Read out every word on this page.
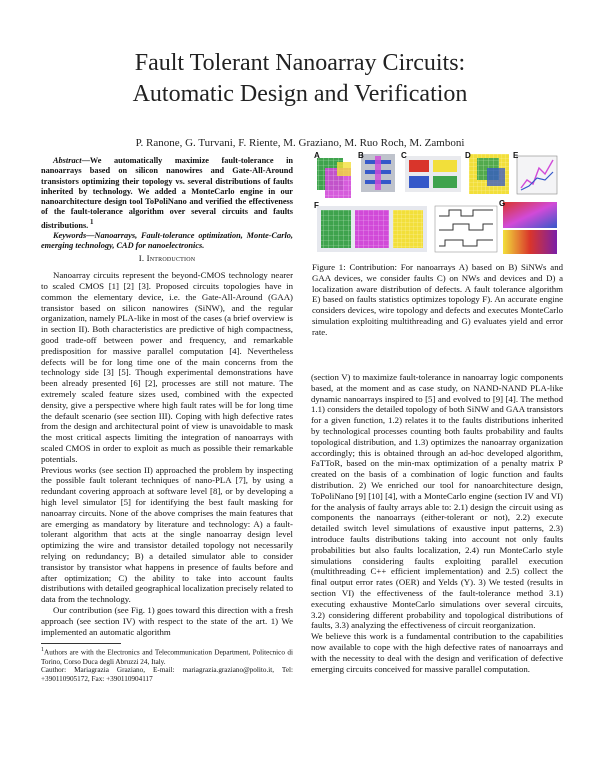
Fault Tolerant Nanoarray Circuits:
Automatic Design and Verification
P. Ranone, G. Turvani, F. Riente, M. Graziano, M. Ruo Roch, M. Zamboni

Abstract—We automatically maximize fault-tolerance in nanoarrays based on silicon nanowires and Gate-All-Around transistors optimizing their topology vs. several distributions of faults inherited by technology. We added a MonteCarlo engine in our nanoarchitecture design tool ToPoliNano and verified the effectiveness of the fault-tolerance algorithm over several circuits and faults distributions. $^1$

Keywords—Nanoarrays, Fault-tolerance optimization, Monte-Carlo, emerging technology, CAD for nanoelectronics.

I. Introduction

Nanoarray circuits represent the beyond-CMOS technology nearer to scaled CMOS [1] [2] [3]. Proposed circuits topologies have in common the elementary device, i.e. the Gate-All-Around (GAA) transistor based on silicon nanowires (SiNW), and the regular organization, namely PLA-like in most of the cases (a brief overview is in section II). Both characteristics are predictive of high compactness, good trade-off between power and frequency, and remarkable predisposition for massive parallel computation [4]. Nevertheless defects will be for long time one of the main concerns from the technology side [3] [5]. Though experimental demonstrations have been already presented [6] [2], processes are still not mature. The extremely scaled feature sizes used, combined with the expected density, give a perspective where high fault rates will be for long time the default scenario (see section III). Coping with high defective rates from the design and architectural point of view is unavoidable to mask the most critical aspects limiting the integration of nanoarrays with scaled CMOS in order to exploit as much as possible their remarkable potentials.

Previous works (see section II) approached the problem by inspecting the possible fault tolerant techniques of nano-PLA [7], by using a redundant covering approach at software level [8], or by developing a high level simulator [5] for identifying the best fault masking for nanoarray circuits. None of the above comprises the main features that are emerging as mandatory by literature and technology: A) a fault-tolerant algorithm that acts at the single nanoarray design level optimizing the wire and transistor detailed topology not necessarily relying on redundancy; B) a detailed simulator able to consider transistor by transistor what happens in presence of faults before and after optimization; C) the ability to take into account faults distributions with detailed geographical localization precisely related to data from the technology.

Our contribution (see Fig. 1) goes toward this direction with a fresh approach (see section IV) with respect to the state of the art. 1) We implemented an automatic algorithm

$^1$Authors are with the Electronics and Telecommunication Department, Politecnico di Torino, Corso Duca degli Abruzzi 24, Italy.

Cauthor: Mariagrazia Graziano, E-mail: mariagrazia.graziano@polito.it, Tel: +390110905172, Fax: +390110904117

A	B	C	D	E
F	G

Figure 1: Contribution: For nanoarrays A) based on B) SiNWs and GAA devices, we consider faults C) on NWs and devices and D) a localization aware distribution of defects. A fault tolerance algorithm E) based on faults statistics optimizes topology F). An accurate engine considers devices, wire topology and defects and executes MonteCarlo simulation exploiting multithreading and G) evaluates yield and error rate.

(section V) to maximize fault-tolerance in nanoarray logic components based, at the moment and as case study, on NAND-NAND PLA-like dynamic nanoarrays inspired to [5] and evolved to [9] [4]. The method 1.1) considers the detailed topology of both SiNW and GAA transistors for a given function, 1.2) relates it to the faults distributions inherited by technological processes counting both faults probability and faults topological distribution, and 1.3) optimizes the nanoarray organization accordingly; this is obtained through an ad-hoc developed algorithm, FaTToR, based on the min-max optimization of a penalty matrix P created on the basis of a combination of logic function and faults distribution. 2) We enriched our tool for nanoarchitecture design, ToPoliNano [9] [10] [4], with a MonteCarlo engine (section IV and VI) for the analysis of faulty arrays able to: 2.1) design the circuit using as components the nanoarrays (either-tolerant or not), 2.2) execute detailed switch level simulations of exaustive input patterns, 2.3) introduce faults distributions taking into account not only faults probabilities but also faults localization, 2.4) run MonteCarlo style simulations considering faults exploiting parallel execution (multithreading C++ efficient implementation) and 2.5) collect the final output error rates (OER) and Yelds (Y). 3) We tested (results in section VI) the effectiveness of the fault-tolerance method 3.1) executing exhaustive MonteCarlo simulations over several circuits, 3.2) considering different probability and topological distributions of faults, 3.3) analyzing the effectiveness of circuit reorganization.

We believe this work is a fundamental contribution to the capabilities now available to cope with the high defective rates of nanoarrays and with the necessity to deal with the design and verification of defective emerging circuits conceived for massive parallel computation.
